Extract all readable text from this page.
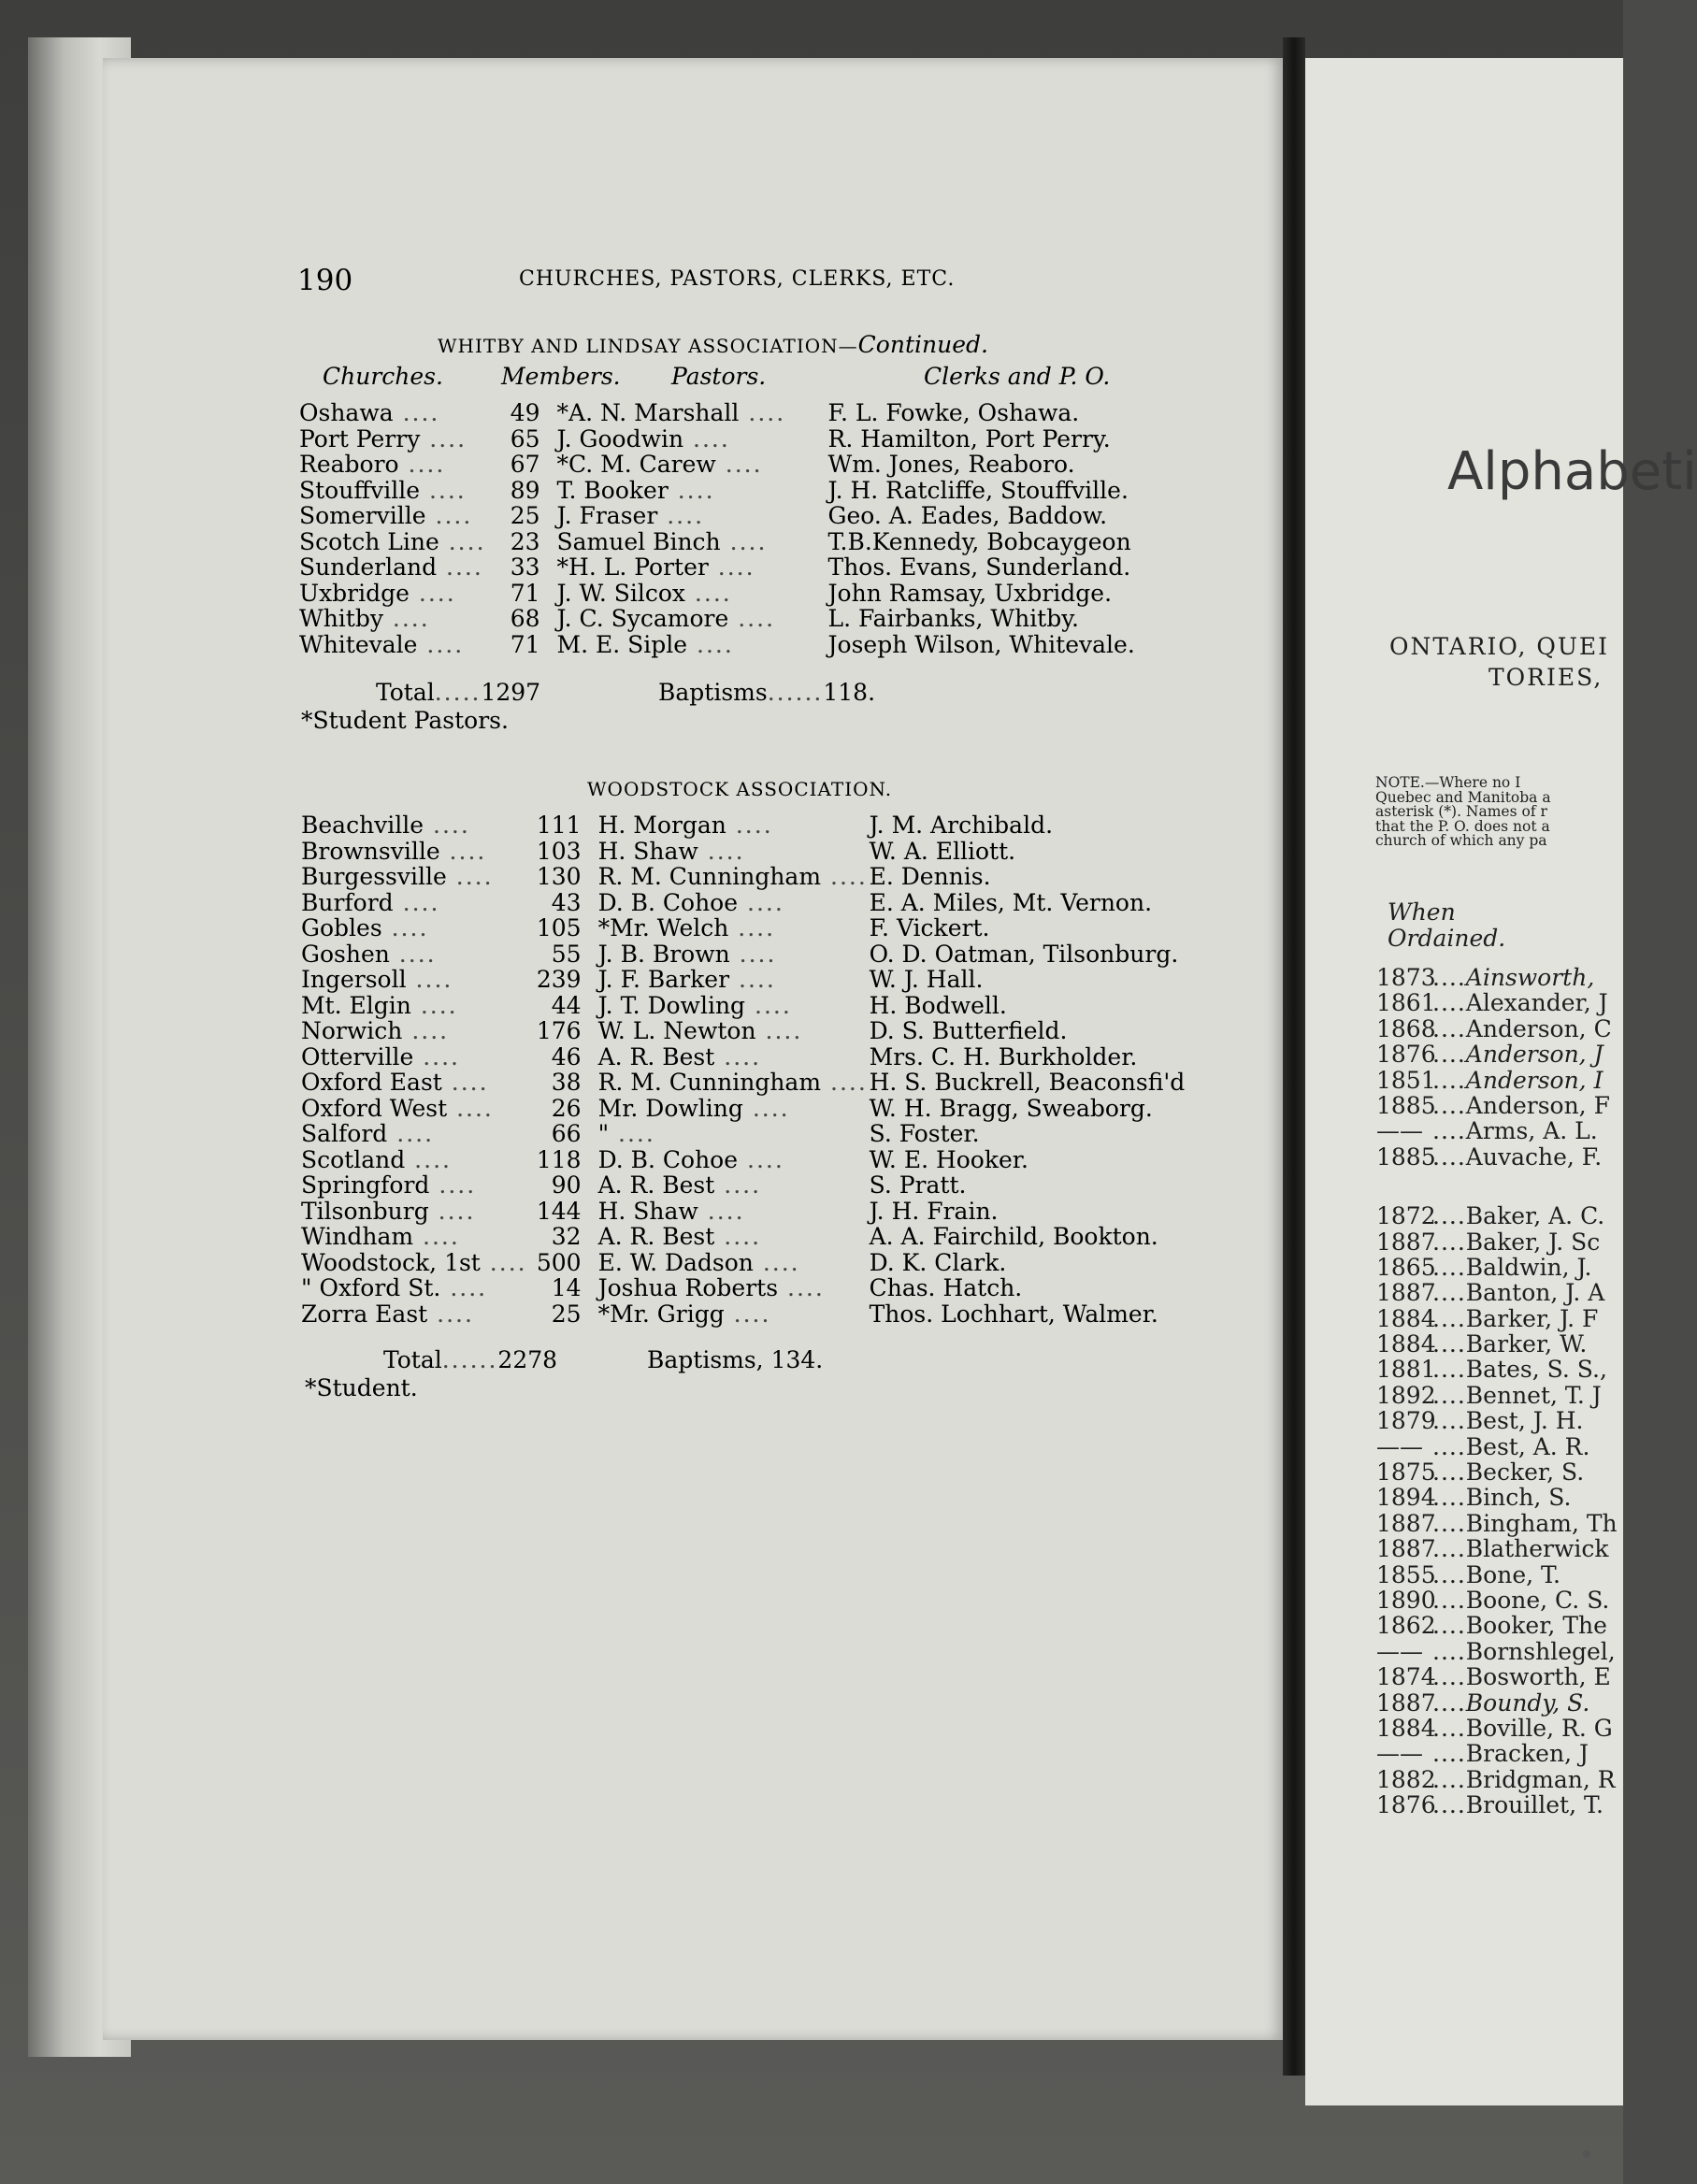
Alphabeti
ONTARIO, QUEI
TORIES,
NOTE.—Where no I
Quebec and Manitoba a
asterisk (*). Names of r
that the P. O. does not a
church of which any pa
When
Ordained.
1873....Ainsworth,
1861....Alexander, J
1868....Anderson, C
1876....Anderson, J
1851....Anderson, I
1885....Anderson, F
—— ....Arms, A. L.
1885....Auvache, F.
1872....Baker, A. C.
1887....Baker, J. Sc
1865....Baldwin, J.
1887....Banton, J. A
1884....Barker, J. F
1884....Barker, W.
1881....Bates, S. S.,
1892....Bennet, T. J
1879....Best, J. H.
—— ....Best, A. R.
1875....Becker, S.
1894....Binch, S.
1887....Bingham, Th
1887....Blatherwick
1855....Bone, T.
1890....Boone, C. S.
1862....Booker, The
—— ....Bornshlegel,
1874....Bosworth, E
1887....Boundy, S.
1884....Boville, R. G
—— ....Bracken, J
1882....Bridgman, R
1876....Brouillet, T.
190	CHURCHES, PASTORS, CLERKS, ETC.
WHITBY AND LINDSAY ASSOCIATION—Continued.
Churches. Members. Pastors.	Clerks and P. O.
Oshawa ....	49	*A. N. Marshall ....	F. L. Fowke, Oshawa.
Port Perry ....	65	J. Goodwin ....	R. Hamilton, Port Perry.
Reaboro ....	67	*C. M. Carew ....	Wm. Jones, Reaboro.
Stouffville ....	89	T. Booker ....	J. H. Ratcliffe, Stouffville.
Somerville ....	25	J. Fraser ....	Geo. A. Eades, Baddow.
Scotch Line ....	23	Samuel Binch ....	T.B.Kennedy, Bobcaygeon
Sunderland ....	33	*H. L. Porter ....	Thos. Evans, Sunderland.
Uxbridge ....	71	J. W. Silcox ....	John Ramsay, Uxbridge.
Whitby ....	68	J. C. Sycamore ....	L. Fairbanks, Whitby.
Whitevale ....	71	M. E. Siple ....	Joseph Wilson, Whitevale.
Total.....1297	Baptisms......118.
*Student Pastors.
WOODSTOCK ASSOCIATION.
Beachville ....	111	H. Morgan ....	J. M. Archibald.
Brownsville ....	103	H. Shaw ....	W. A. Elliott.
Burgessville ....	130	R. M. Cunningham ....	E. Dennis.
Burford ....	43	D. B. Cohoe ....	E. A. Miles, Mt. Vernon.
Gobles ....	105	*Mr. Welch ....	F. Vickert.
Goshen ....	55	J. B. Brown ....	O. D. Oatman, Tilsonburg.
Ingersoll ....	239	J. F. Barker ....	W. J. Hall.
Mt. Elgin ....	44	J. T. Dowling ....	H. Bodwell.
Norwich ....	176	W. L. Newton ....	D. S. Butterfield.
Otterville ....	46	A. R. Best ....	Mrs. C. H. Burkholder.
Oxford East ....	38	R. M. Cunningham ....	H. S. Buckrell, Beaconsfi'd
Oxford West ....	26	Mr. Dowling ....	W. H. Bragg, Sweaborg.
Salford ....	66	" ....	S. Foster.
Scotland ....	118	D. B. Cohoe ....	W. E. Hooker.
Springford ....	90	A. R. Best ....	S. Pratt.
Tilsonburg ....	144	H. Shaw ....	J. H. Frain.
Windham ....	32	A. R. Best ....	A. A. Fairchild, Bookton.
Woodstock, 1st ....	500	E. W. Dadson ....	D. K. Clark.
" Oxford St. ....	14	Joshua Roberts ....	Chas. Hatch.
Zorra East ....	25	*Mr. Grigg ....	Thos. Lochhart, Walmer.
Total......2278	Baptisms, 134.
*Student.
